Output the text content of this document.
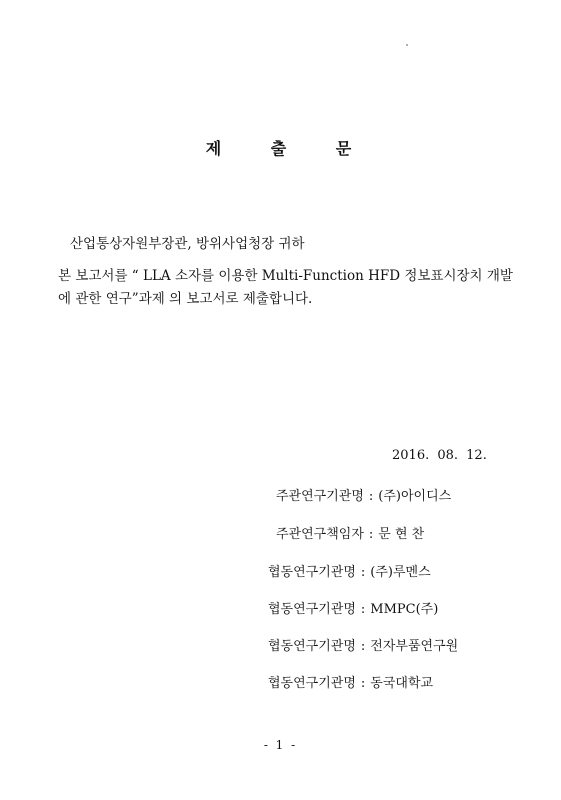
제 출 문
산업통상자원부장관, 방위사업청장 귀하
본 보고서를 “ LLA 소자를 이용한 Multi-Function HFD 정보표시장치 개발
에 관한 연구”과제 의 보고서로 제출합니다.
2016. 08. 12.
주관연구기관명 : (주)아이디스
주관연구책임자 : 문 현 찬
협동연구기관명 : (주)루멘스
협동연구기관명 : MMPC(주)
협동연구기관명 : 전자부품연구원
협동연구기관명 : 동국대학교
- 1 -
